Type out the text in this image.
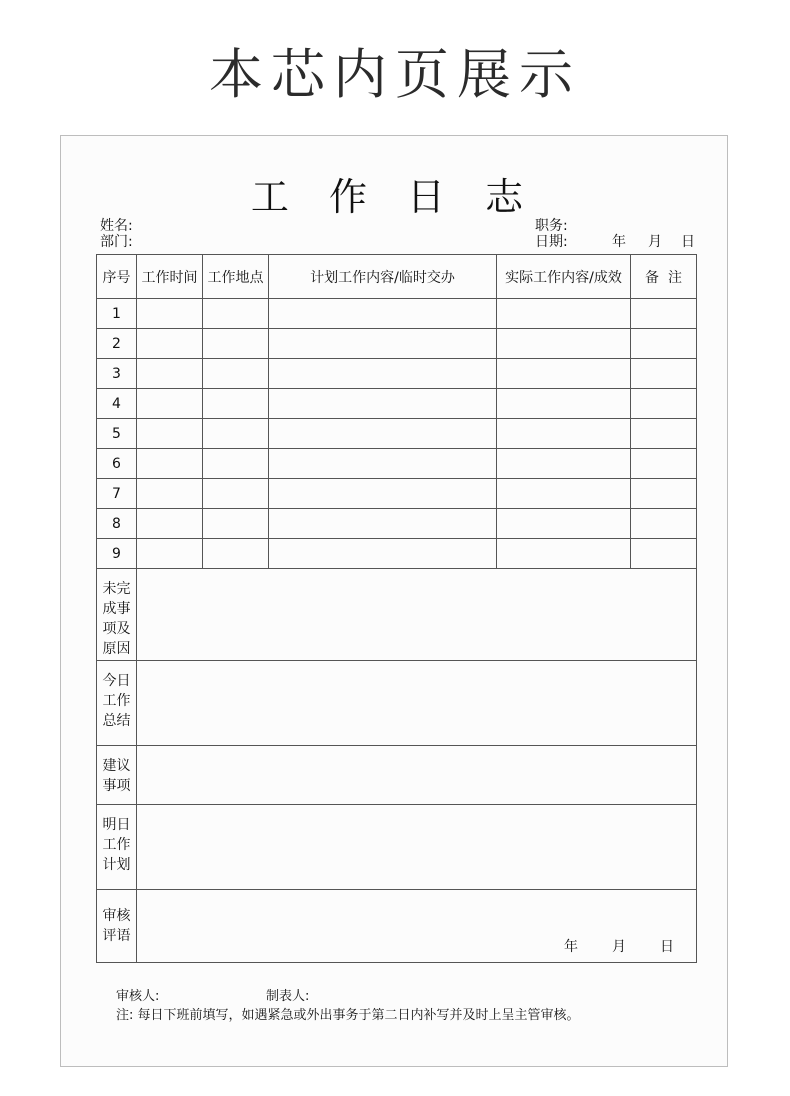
本芯内页展示
工 作 日 志
姓名:
部门:
职务:
日期:	年 月 日
序号	工作时间	工作地点	计划工作内容/临时交办	实际工作内容/成效	备  注
1					
2					
3					
4					
5					
6					
7					
8					
9					
未完成事项及原因					
今日工作总结					
建议事项					
明日工作计划					
审核评语	年 月 日				
审核人:	制表人:
注: 每日下班前填写，如遇紧急或外出事务于第二日内补写并及时上呈主管审核。
